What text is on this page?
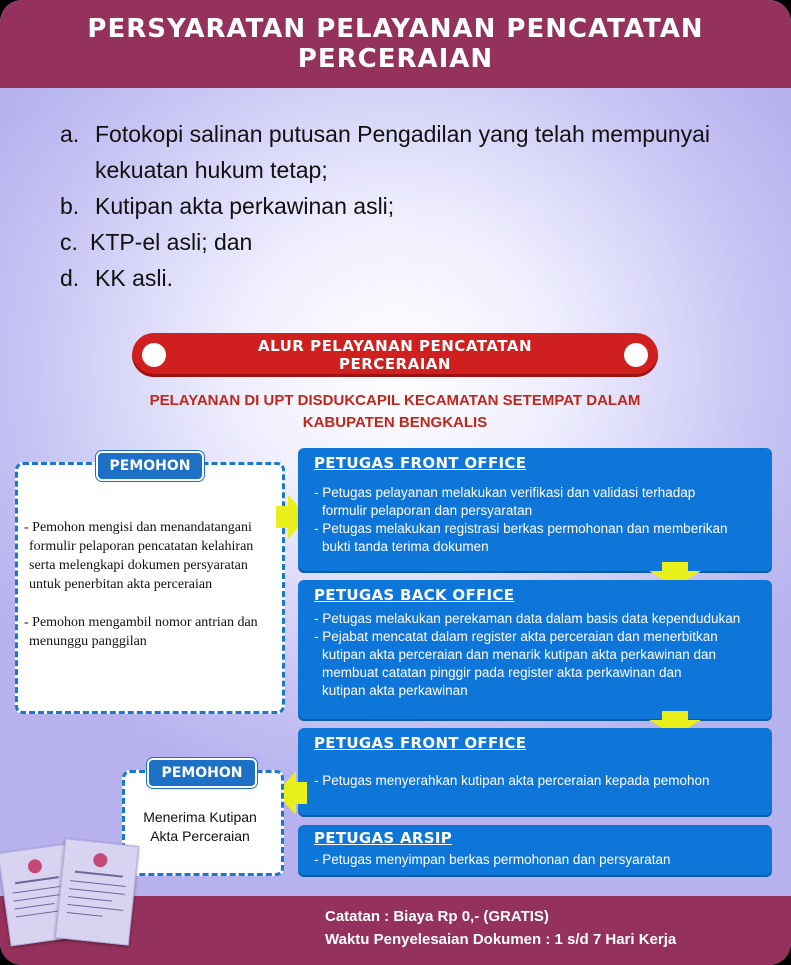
PERSYARATAN PELAYANAN PENCATATAN
PERCERAIAN
a. Fotokopi salinan putusan Pengadilan yang telah mempunyai
kekuatan hukum tetap;
b. Kutipan akta perkawinan asli;
c. KTP-el asli; dan
d. KK asli.
ALUR PELAYANAN PENCATATAN
PERCERAIAN
PELAYANAN DI UPT DISDUKCAPIL KECAMATAN SETEMPAT DALAM
KABUPATEN BENGKALIS
PEMOHON
- Pemohon mengisi dan menandatangani
formulir pelaporan pencatatan kelahiran
serta melengkapi dokumen persyaratan
untuk penerbitan akta perceraian
- Pemohon mengambil nomor antrian dan
menunggu panggilan
PETUGAS FRONT OFFICE
- Petugas pelayanan melakukan verifikasi dan validasi terhadap
formulir pelaporan dan persyaratan
- Petugas melakukan registrasi berkas permohonan dan memberikan
bukti tanda terima dokumen
PETUGAS BACK OFFICE
- Petugas melakukan perekaman data dalam basis data kependudukan
- Pejabat mencatat dalam register akta perceraian dan menerbitkan
kutipan akta perceraian dan menarik kutipan akta perkawinan dan
membuat catatan pinggir pada register akta perkawinan dan
kutipan akta perkawinan
PETUGAS FRONT OFFICE
- Petugas menyerahkan kutipan akta perceraian kepada pemohon
PEMOHON
Menerima Kutipan
Akta Perceraian	PETUGAS ARSIP
- Petugas menyimpan berkas permohonan dan persyaratan
Catatan : Biaya Rp 0,- (GRATIS)
Waktu Penyelesaian Dokumen : 1 s/d 7 Hari Kerja
